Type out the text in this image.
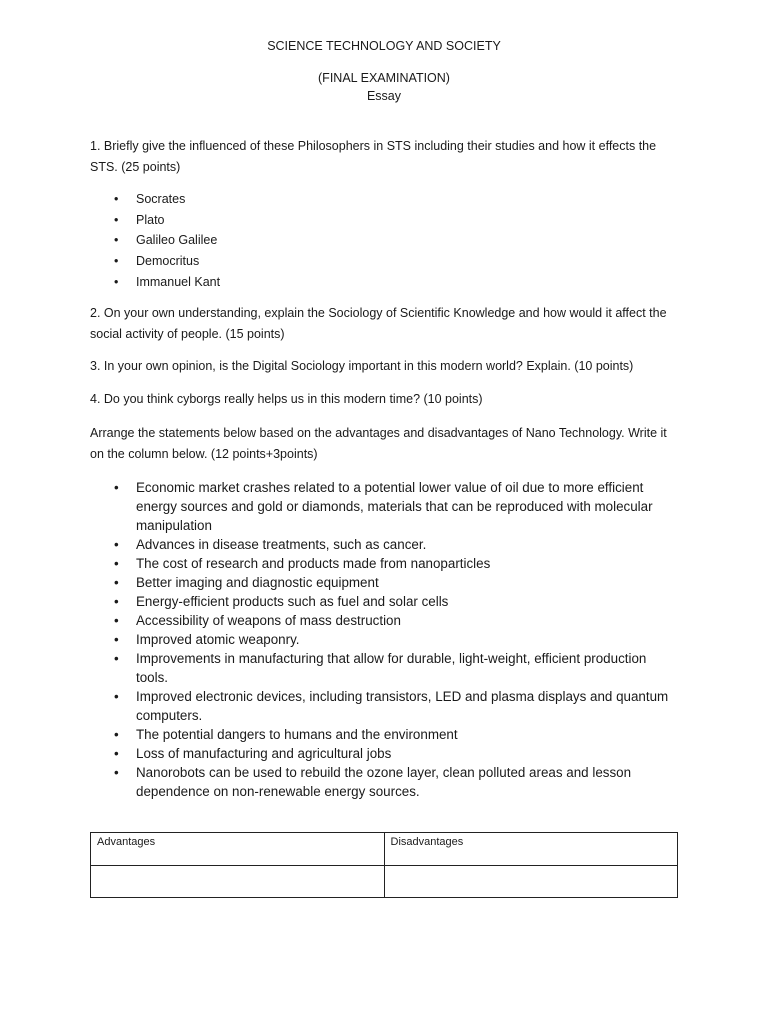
SCIENCE TECHNOLOGY AND SOCIETY
(FINAL EXAMINATION)
Essay
1. Briefly give the influenced of these Philosophers in STS including their studies and how it effects the STS. (25 points)
• Socrates
• Plato
• Galileo Galilee
• Democritus
• Immanuel Kant
2. On your own understanding, explain the Sociology of Scientific Knowledge and how would it affect the social activity of people. (15 points)
3. In your own opinion, is the Digital Sociology important in this modern world? Explain. (10 points)
4. Do you think cyborgs really helps us in this modern time? (10 points)
Arrange the statements below based on the advantages and disadvantages of Nano Technology. Write it on the column below. (12 points+3points)
• Economic market crashes related to a potential lower value of oil due to more efficient energy sources and gold or diamonds, materials that can be reproduced with molecular manipulation
• Advances in disease treatments, such as cancer.
• The cost of research and products made from nanoparticles
• Better imaging and diagnostic equipment
• Energy-efficient products such as fuel and solar cells
• Accessibility of weapons of mass destruction
• Improved atomic weaponry.
• Improvements in manufacturing that allow for durable, light-weight, efficient production tools.
• Improved electronic devices, including transistors, LED and plasma displays and quantum computers.
• The potential dangers to humans and the environment
• Loss of manufacturing and agricultural jobs
• Nanorobots can be used to rebuild the ozone layer, clean polluted areas and lesson dependence on non-renewable energy sources.
Advantages	Disadvantages
